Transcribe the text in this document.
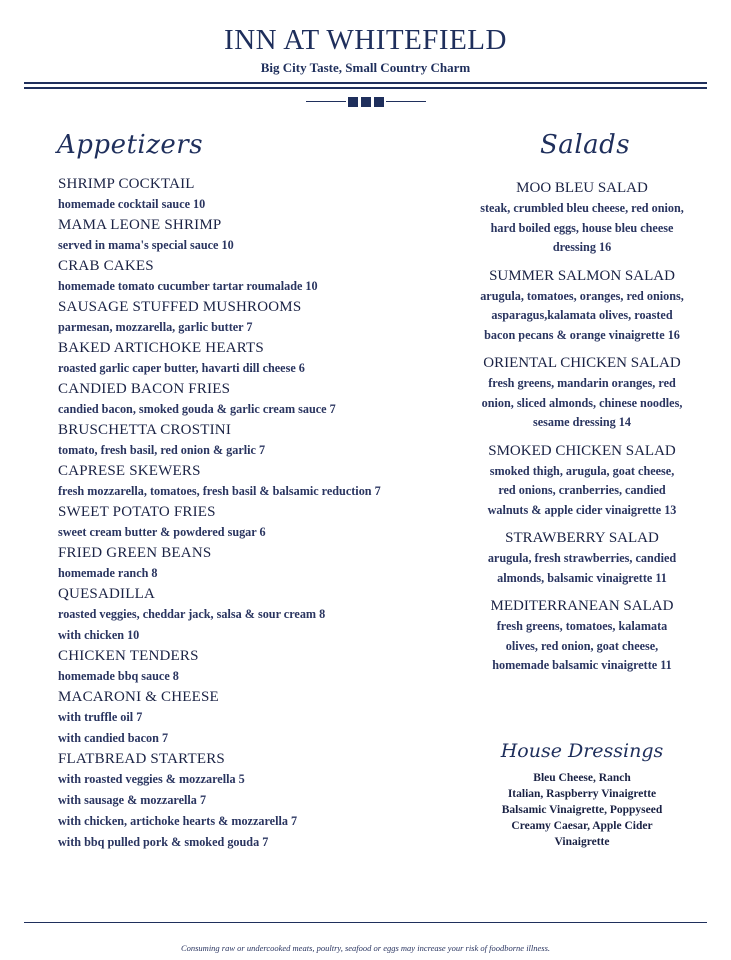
INN AT WHITEFIELD
Big City Taste, Small Country Charm
Appetizers	Salads
SHRIMP COCKTAIL
homemade cocktail sauce 10
MAMA LEONE SHRIMP
served in mama's special sauce 10
CRAB CAKES
homemade tomato cucumber tartar roumalade 10
SAUSAGE STUFFED MUSHROOMS
parmesan, mozzarella, garlic butter 7
BAKED ARTICHOKE HEARTS
roasted garlic caper butter, havarti dill cheese 6
CANDIED BACON FRIES
candied bacon, smoked gouda & garlic cream sauce 7
BRUSCHETTA CROSTINI
tomato, fresh basil, red onion & garlic 7
CAPRESE SKEWERS
fresh mozzarella, tomatoes, fresh basil & balsamic reduction 7
SWEET POTATO FRIES
sweet cream butter & powdered sugar 6
FRIED GREEN BEANS
homemade ranch 8
QUESADILLA
roasted veggies, cheddar jack, salsa & sour cream 8
with chicken 10
CHICKEN TENDERS
homemade bbq sauce 8
MACARONI & CHEESE
with truffle oil 7
with candied bacon 7
FLATBREAD STARTERS
with roasted veggies & mozzarella 5
with sausage & mozzarella 7
with chicken, artichoke hearts & mozzarella 7
with bbq pulled pork & smoked gouda 7
MOO BLEU SALAD
steak, crumbled bleu cheese, red onion, hard boiled eggs, house bleu cheese dressing 16
SUMMER SALMON SALAD
arugula, tomatoes, oranges, red onions, asparagus,kalamata olives, roasted bacon pecans & orange vinaigrette 16
ORIENTAL CHICKEN SALAD
fresh greens, mandarin oranges, red onion, sliced almonds, chinese noodles, sesame dressing 14
SMOKED CHICKEN SALAD
smoked thigh, arugula, goat cheese, red onions, cranberries, candied walnuts & apple cider vinaigrette 13
STRAWBERRY SALAD
arugula, fresh strawberries, candied almonds, balsamic vinaigrette 11
MEDITERRANEAN SALAD
fresh greens, tomatoes, kalamata olives, red onion, goat cheese, homemade balsamic vinaigrette 11
House Dressings
Bleu Cheese, Ranch
Italian, Raspberry Vinaigrette
Balsamic Vinaigrette, Poppyseed
Creamy Caesar, Apple Cider
Vinaigrette
Consuming raw or undercooked meats, poultry, seafood or eggs may increase your risk of foodborne illness.
